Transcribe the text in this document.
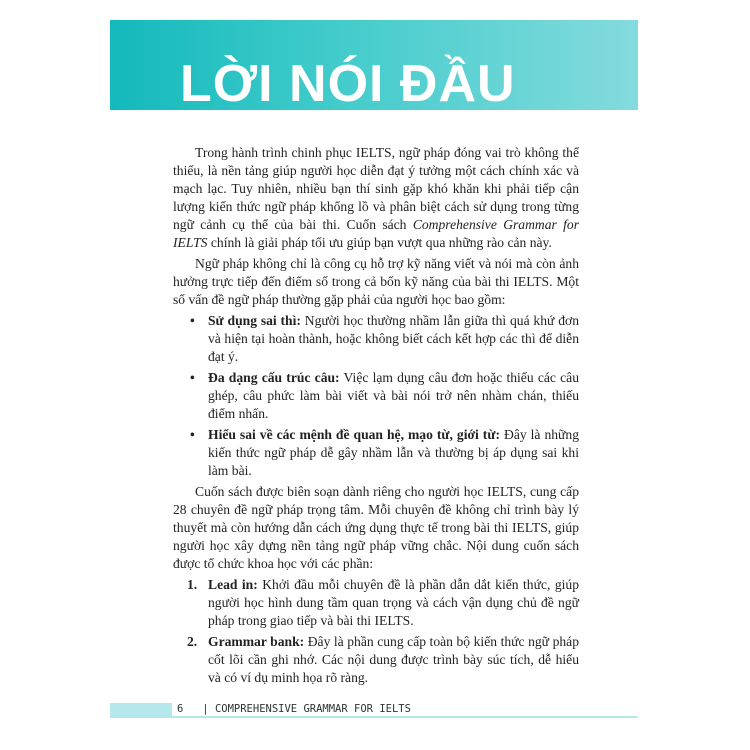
LỜI NÓI ĐẦU

Trong hành trình chinh phục IELTS, ngữ pháp đóng vai trò không thể thiếu, là nền tảng giúp người học diễn đạt ý tưởng một cách chính xác và mạch lạc. Tuy nhiên, nhiều bạn thí sinh gặp khó khăn khi phải tiếp cận lượng kiến thức ngữ pháp khổng lồ và phân biệt cách sử dụng trong từng ngữ cảnh cụ thể của bài thi. Cuốn sách Comprehensive Grammar for IELTS chính là giải pháp tối ưu giúp bạn vượt qua những rào cản này.

Ngữ pháp không chỉ là công cụ hỗ trợ kỹ năng viết và nói mà còn ảnh hưởng trực tiếp đến điểm số trong cả bốn kỹ năng của bài thi IELTS. Một số vấn đề ngữ pháp thường gặp phải của người học bao gồm:

• Sử dụng sai thì: Người học thường nhầm lẫn giữa thì quá khứ đơn và hiện tại hoàn thành, hoặc không biết cách kết hợp các thì để diễn đạt ý.
• Đa dạng cấu trúc câu: Việc lạm dụng câu đơn hoặc thiếu các câu ghép, câu phức làm bài viết và bài nói trở nên nhàm chán, thiếu điểm nhấn.
• Hiểu sai về các mệnh đề quan hệ, mạo từ, giới từ: Đây là những kiến thức ngữ pháp dễ gây nhầm lẫn và thường bị áp dụng sai khi làm bài.

Cuốn sách được biên soạn dành riêng cho người học IELTS, cung cấp 28 chuyên đề ngữ pháp trọng tâm. Mỗi chuyên đề không chỉ trình bày lý thuyết mà còn hướng dẫn cách ứng dụng thực tế trong bài thi IELTS, giúp người học xây dựng nền tảng ngữ pháp vững chắc. Nội dung cuốn sách được tổ chức khoa học với các phần:

1. Lead in: Khởi đầu mỗi chuyên đề là phần dẫn dắt kiến thức, giúp người học hình dung tầm quan trọng và cách vận dụng chủ đề ngữ pháp trong giao tiếp và bài thi IELTS.
2. Grammar bank: Đây là phần cung cấp toàn bộ kiến thức ngữ pháp cốt lõi cần ghi nhớ. Các nội dung được trình bày súc tích, dễ hiểu và có ví dụ minh họa rõ ràng.
6 | COMPREHENSIVE GRAMMAR FOR IELTS
